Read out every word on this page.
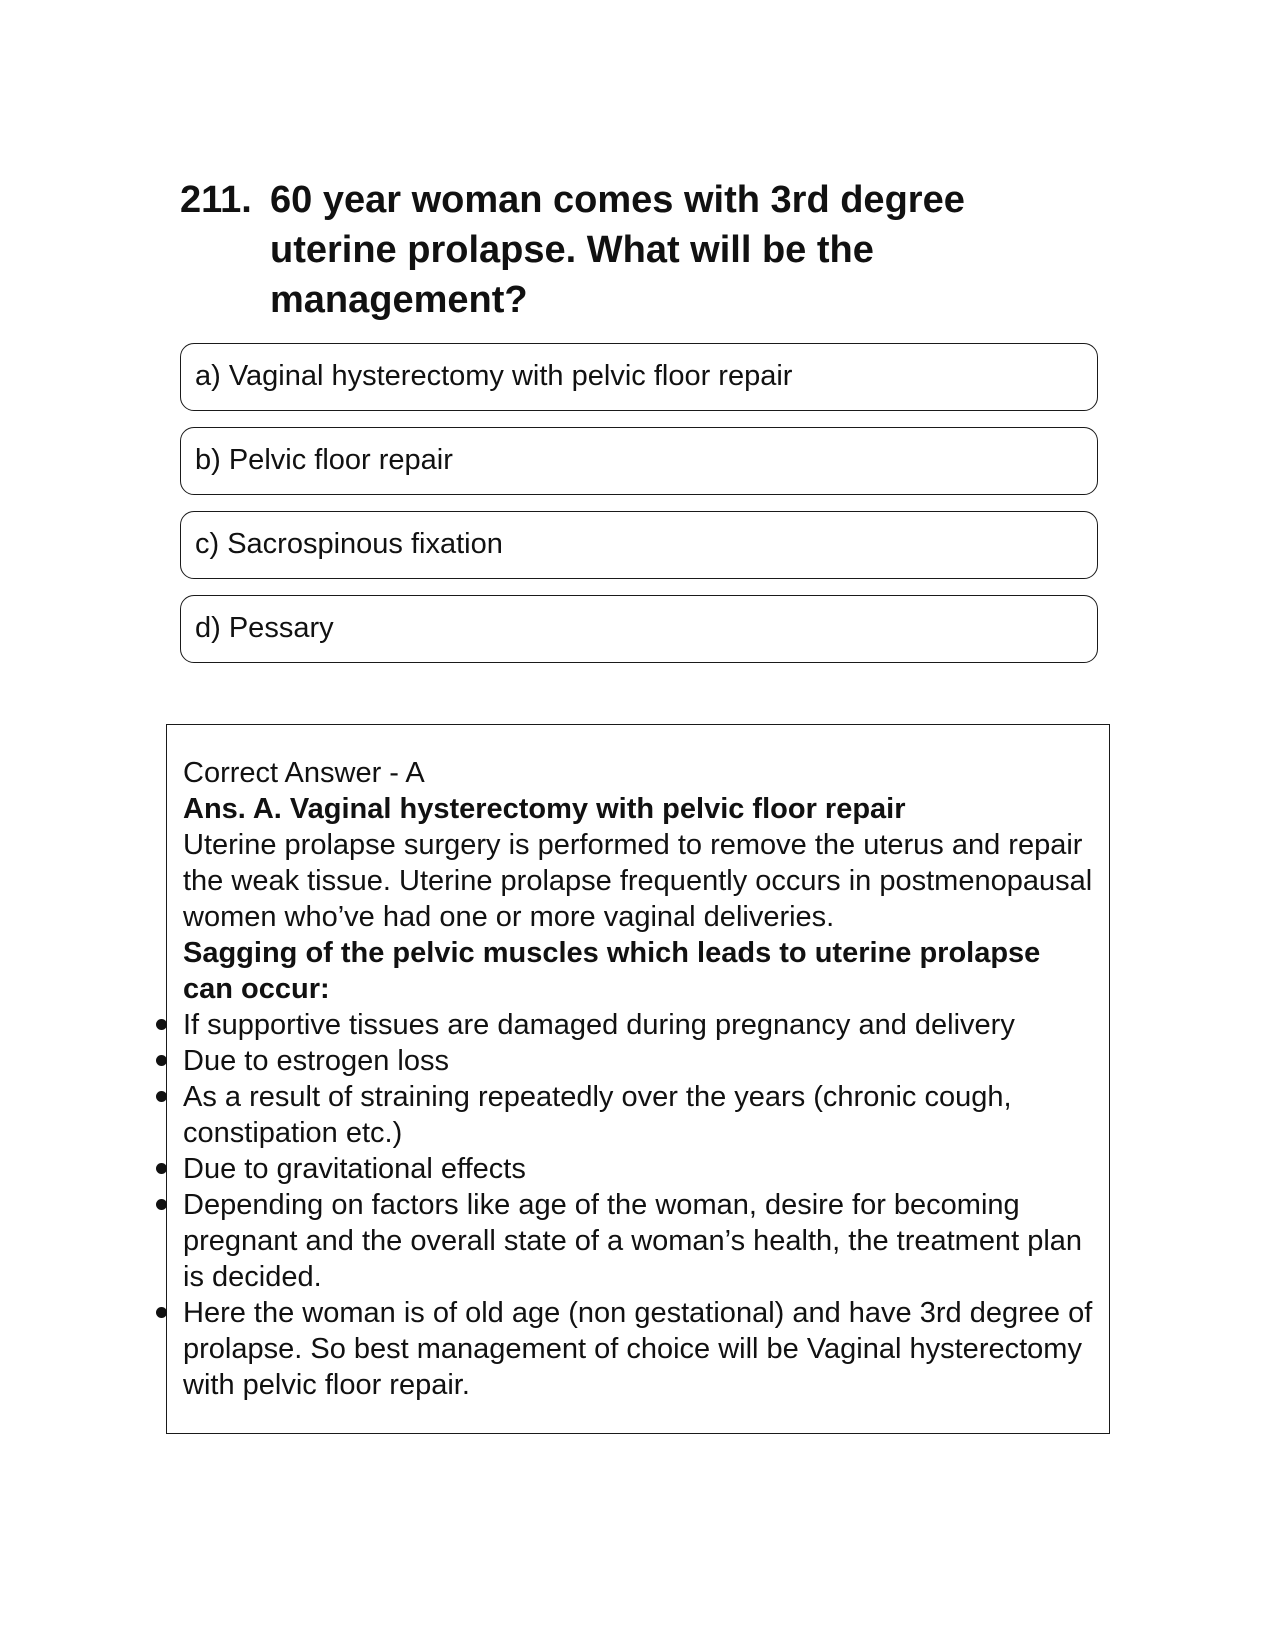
211. 60 year woman comes with 3rd degree uterine prolapse. What will be the management?
a) Vaginal hysterectomy with pelvic floor repair
b) Pelvic floor repair
c) Sacrospinous fixation
d) Pessary
Correct Answer - A
Ans. A. Vaginal hysterectomy with pelvic floor repair
Uterine prolapse surgery is performed to remove the uterus and repair the weak tissue. Uterine prolapse frequently occurs in postmenopausal women who’ve had one or more vaginal deliveries.
Sagging of the pelvic muscles which leads to uterine prolapse can occur:
If supportive tissues are damaged during pregnancy and delivery
Due to estrogen loss
As a result of straining repeatedly over the years (chronic cough, constipation etc.)
Due to gravitational effects
Depending on factors like age of the woman, desire for becoming pregnant and the overall state of a woman’s health, the treatment plan is decided.
Here the woman is of old age (non gestational) and have 3rd degree of prolapse. So best management of choice will be Vaginal hysterectomy with pelvic floor repair.
